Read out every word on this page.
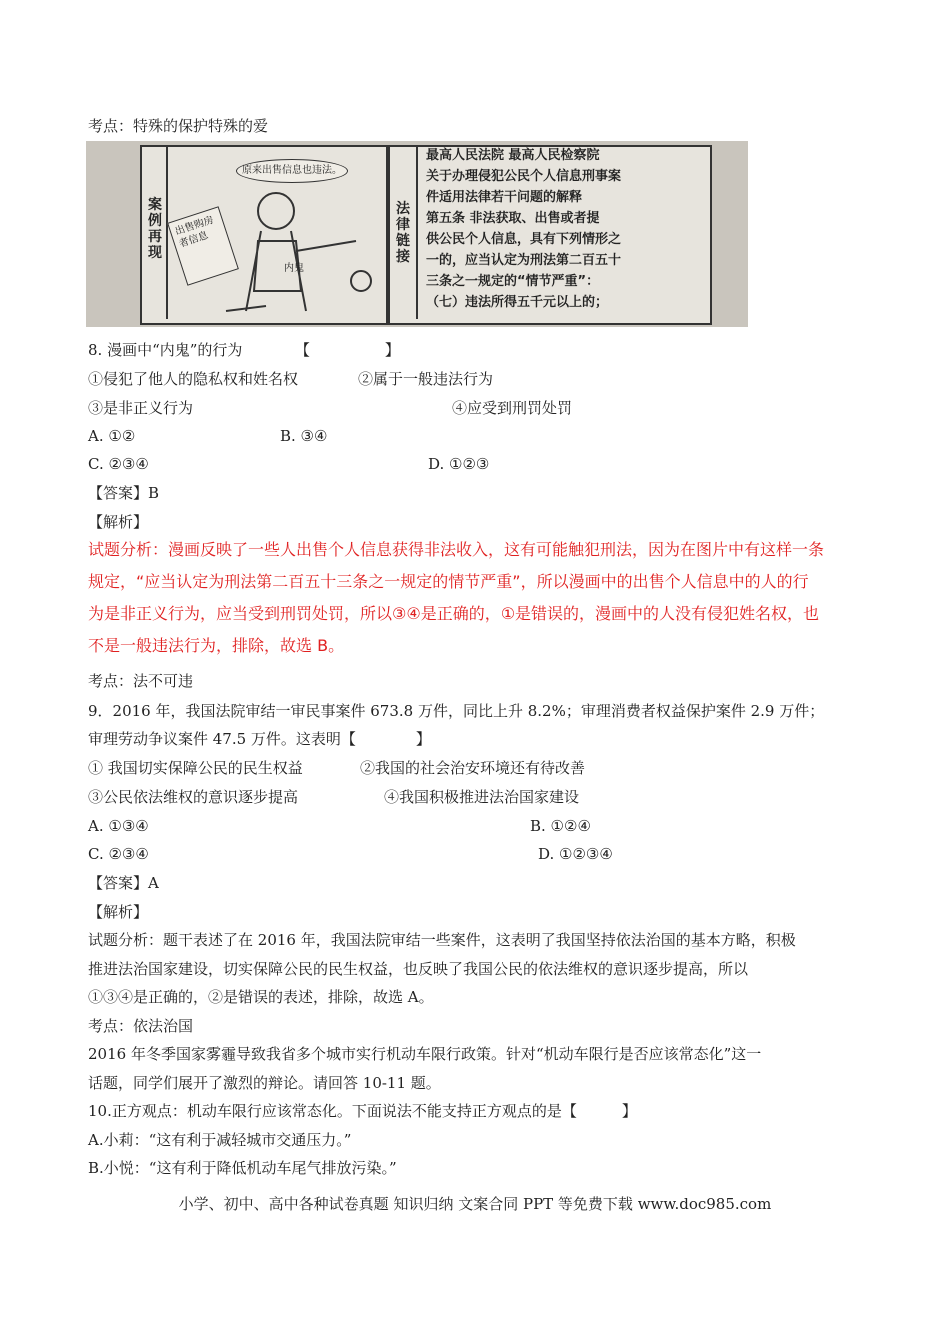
考点：特殊的保护特殊的爱
案
例
再
现
法
律
链
接
原来出售信息也违法。
出售购房者信息
内鬼
最高人民法院 最高人民检察院
关于办理侵犯公民个人信息刑事案
件适用法律若干问题的解释
第五条 非法获取、出售或者提
供公民个人信息，具有下列情形之
一的，应当认定为刑法第二百五十
三条之一规定的“情节严重”：
（七）违法所得五千元以上的；
8. 漫画中“内鬼”的行为　　　　【　　　　　】
①侵犯了他人的隐私权和姓名权	②属于一般违法行为
③是非正义行为	④应受到刑罚处罚
A. ①②	B. ③④
C. ②③④	D. ①②③
【答案】B
【解析】
试题分析：漫画反映了一些人出售个人信息获得非法收入，这有可能触犯刑法，因为在图片中有这样一条
规定，“应当认定为刑法第二百五十三条之一规定的情节严重”，所以漫画中的出售个人信息中的人的行
为是非正义行为，应当受到刑罚处罚，所以③④是正确的，①是错误的，漫画中的人没有侵犯姓名权，也
不是一般违法行为，排除，故选 B。
考点：法不可违
9．2016 年，我国法院审结一审民事案件 673.8 万件，同比上升 8.2%；审理消费者权益保护案件 2.9 万件；
审理劳动争议案件 47.5 万件。这表明【　　　　】
① 我国切实保障公民的民生权益	②我国的社会治安环境还有待改善
③公民依法维权的意识逐步提高	④我国积极推进法治国家建设
A. ①③④	B. ①②④
C. ②③④	D. ①②③④
【答案】A
【解析】
试题分析：题干表述了在 2016 年，我国法院审结一些案件，这表明了我国坚持依法治国的基本方略，积极
推进法治国家建设，切实保障公民的民生权益，也反映了我国公民的依法维权的意识逐步提高，所以
①③④是正确的，②是错误的表述，排除，故选 A。
考点：依法治国
2016 年冬季国家雾霾导致我省多个城市实行机动车限行政策。针对“机动车限行是否应该常态化”这一
话题，同学们展开了激烈的辩论。请回答 10-11 题。
10.正方观点：机动车限行应该常态化。下面说法不能支持正方观点的是【　　　】
A.小莉：“这有利于减轻城市交通压力。”
B.小悦：“这有利于降低机动车尾气排放污染。”
小学、初中、高中各种试卷真题 知识归纳 文案合同 PPT 等免费下载 www.doc985.com
